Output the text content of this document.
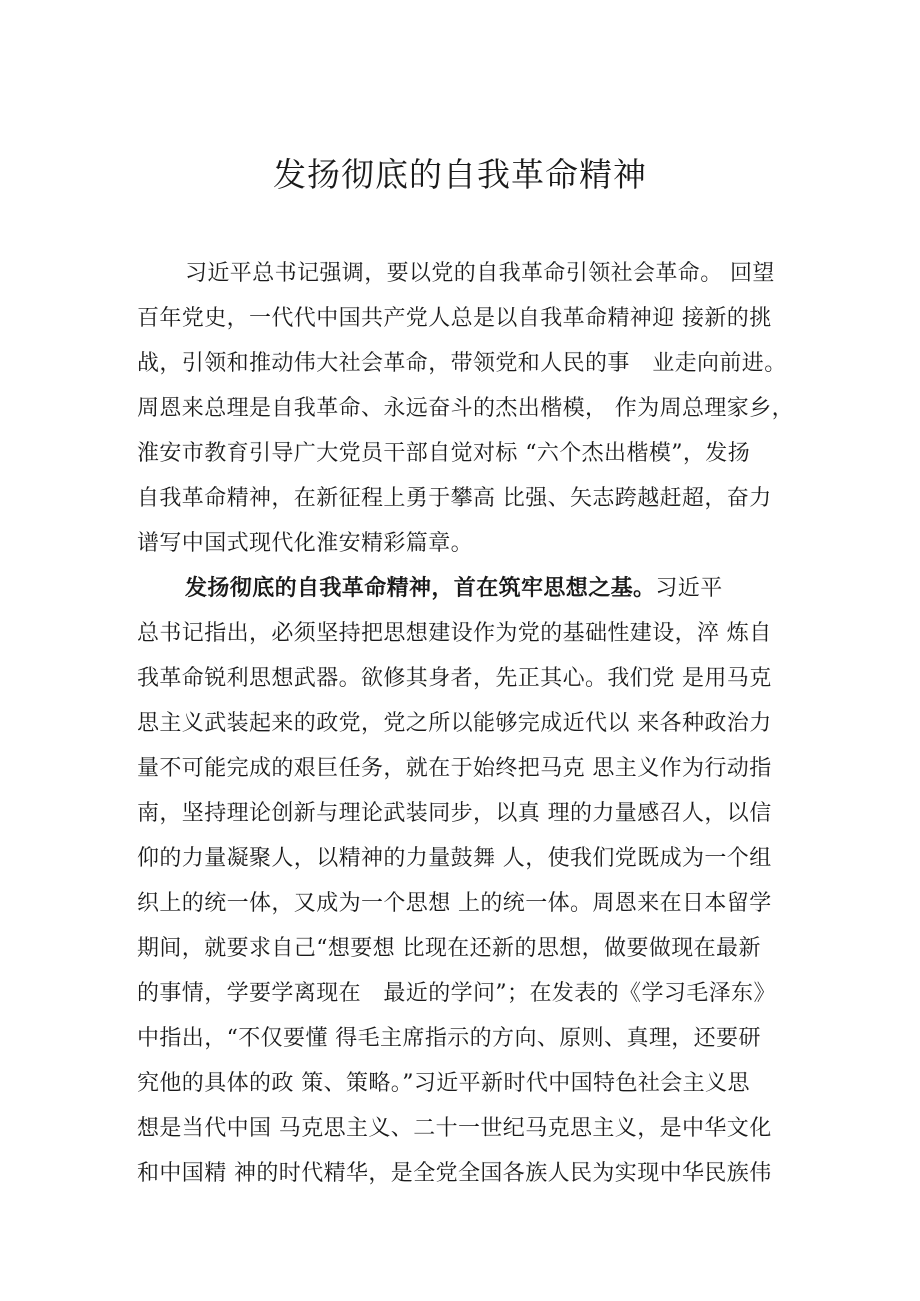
发扬彻底的自我革命精神
习近平总书记强调，要以党的自我革命引领社会革命。 回望
百年党史，一代代中国共产党人总是以自我革命精神迎 接新的挑
战，引领和推动伟大社会革命，带领党和人民的事　业走向前进。
周恩来总理是自我革命、永远奋斗的杰出楷模， 作为周总理家乡，
淮安市教育引导广大党员干部自觉对标 “六个杰出楷模”，发扬
自我革命精神，在新征程上勇于攀高 比强、矢志跨越赶超，奋力
谱写中国式现代化淮安精彩篇章。
发扬彻底的自我革命精神，首在筑牢思想之基。习近平
总书记指出，必须坚持把思想建设作为党的基础性建设，淬 炼自
我革命锐利思想武器。欲修其身者，先正其心。我们党 是用马克
思主义武装起来的政党，党之所以能够完成近代以 来各种政治力
量不可能完成的艰巨任务，就在于始终把马克 思主义作为行动指
南，坚持理论创新与理论武装同步，以真 理的力量感召人，以信
仰的力量凝聚人，以精神的力量鼓舞 人，使我们党既成为一个组
织上的统一体，又成为一个思想 上的统一体。周恩来在日本留学
期间，就要求自己“想要想 比现在还新的思想，做要做现在最新
的事情，学要学离现在　最近的学问”；在发表的《学习毛泽东》
中指出，“不仅要懂 得毛主席指示的方向、原则、真理，还要研
究他的具体的政 策、策略。”习近平新时代中国特色社会主义思
想是当代中国 马克思主义、二十一世纪马克思主义，是中华文化
和中国精 神的时代精华，是全党全国各族人民为实现中华民族伟
